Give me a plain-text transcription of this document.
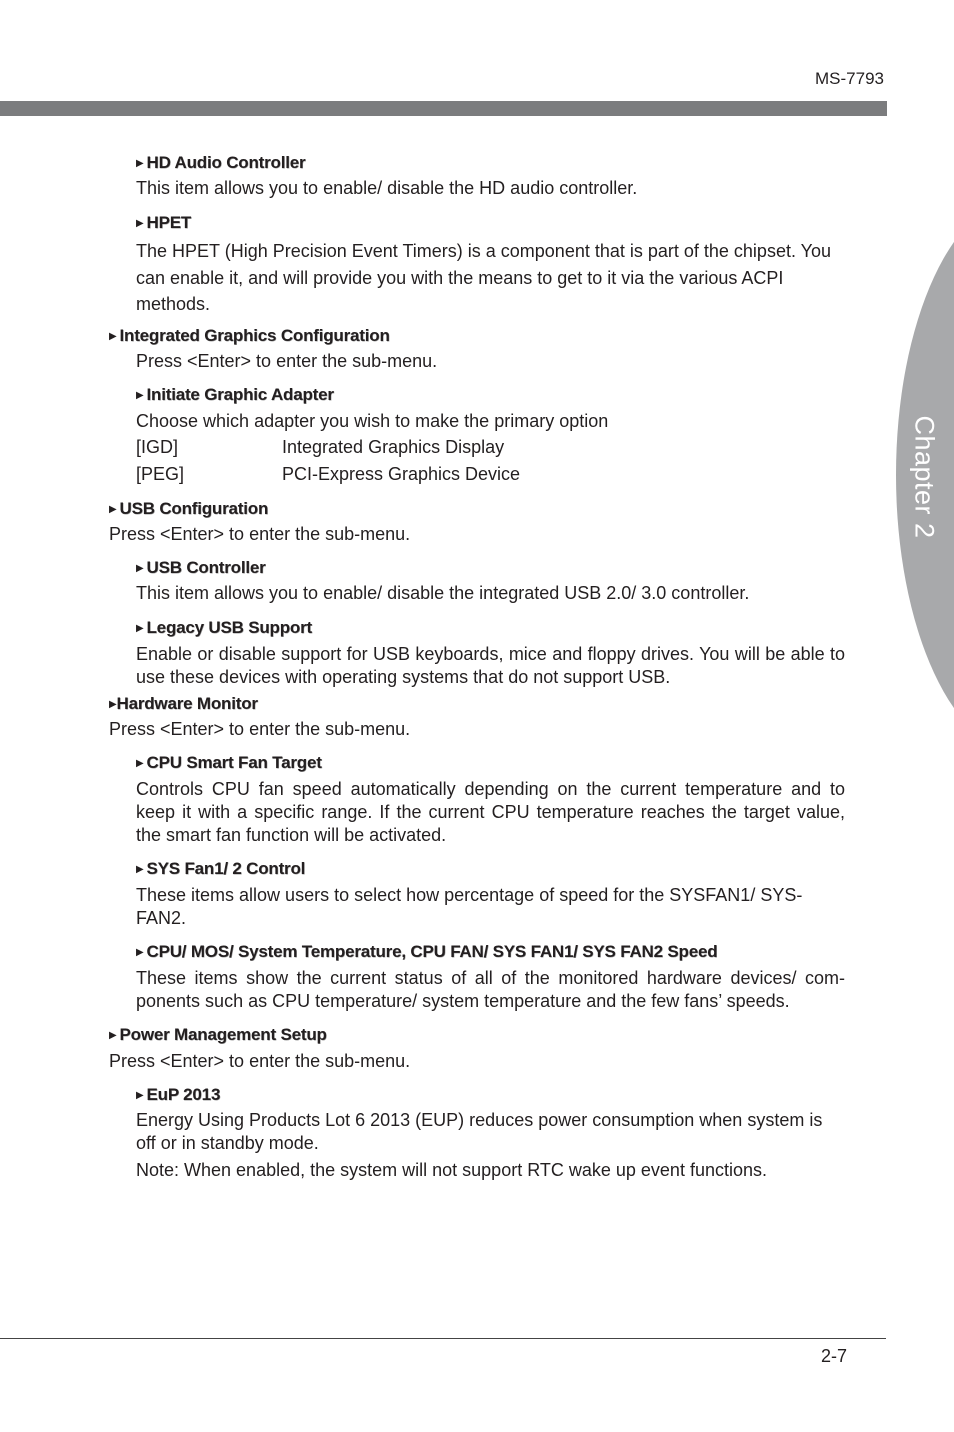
MS-7793
Chapter 2
▶ HD Audio Controller
This item allows you to enable/ disable the HD audio controller.
▶ HPET
The HPET (High Precision Event Timers) is a component that is part of the chipset. You can enable it, and will provide you with the means to get to it via the various ACPI methods.
▶ Integrated Graphics Configuration
Press <Enter> to enter the sub-menu.
▶ Initiate Graphic Adapter
Choose which adapter you wish to make the primary option
[IGD]	Integrated Graphics Display
[PEG]	PCI-Express Graphics Device
▶ USB Configuration
Press <Enter> to enter the sub-menu.
▶ USB Controller
This item allows you to enable/ disable the integrated USB 2.0/ 3.0 controller.
▶ Legacy USB Support
Enable or disable support for USB keyboards, mice and floppy drives. You will be able to use these devices with operating systems that do not support USB.
▶Hardware Monitor
Press <Enter> to enter the sub-menu.
▶ CPU Smart Fan Target
Controls CPU fan speed automatically depending on the current temperature and to keep it with a specific range. If the current CPU temperature reaches the target value, the smart fan function will be activated.
▶ SYS Fan1/ 2 Control
These items allow users to select how percentage of speed for the SYSFAN1/ SYS-FAN2.
▶ CPU/ MOS/ System Temperature, CPU FAN/ SYS FAN1/ SYS FAN2 Speed
These items show the current status of all of the monitored hardware devices/ com-ponents such as CPU temperature/ system temperature and the few fans’ speeds.
▶ Power Management Setup
Press <Enter> to enter the sub-menu.
▶ EuP 2013
Energy Using Products Lot 6 2013 (EUP) reduces power consumption when system is off or in standby mode.
Note: When enabled, the system will not support RTC wake up event functions.
2-7
